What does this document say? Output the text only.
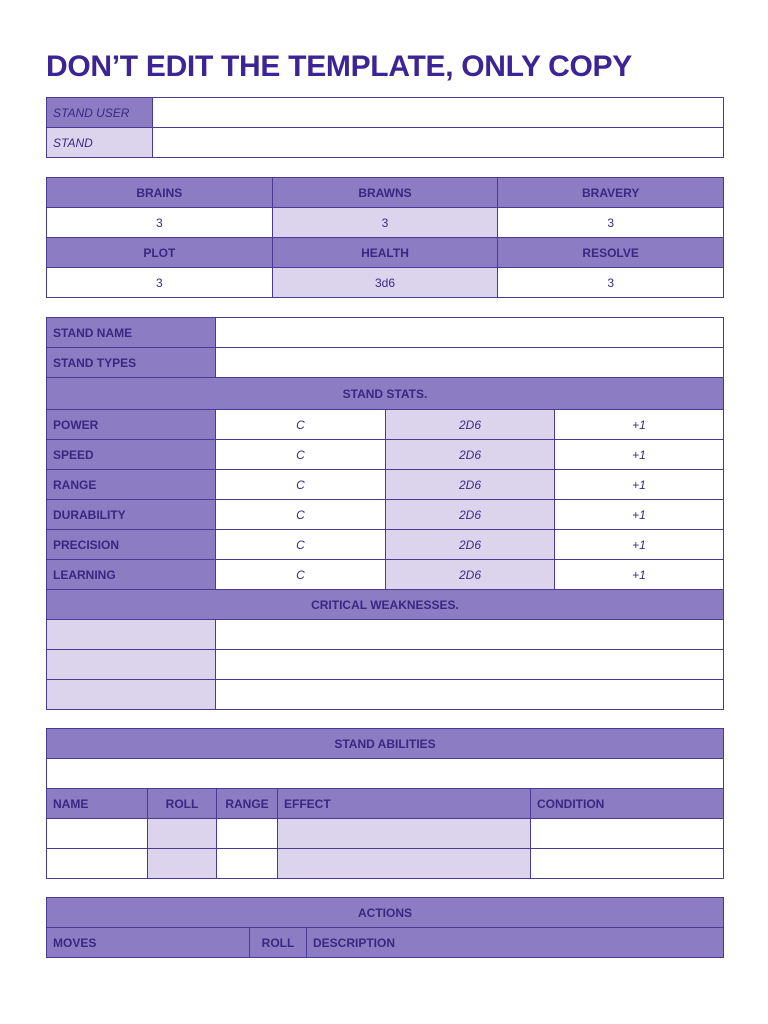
DON’T EDIT THE TEMPLATE, ONLY COPY
STAND USER	
STAND	
BRAINS	BRAWNS	BRAVERY
3	3	3
PLOT	HEALTH	RESOLVE
3	3d6	3
STAND NAME			
STAND TYPES			
STAND STATS.			
POWER	C	2D6	+1
SPEED	C	2D6	+1
RANGE	C	2D6	+1
DURABILITY	C	2D6	+1
PRECISION	C	2D6	+1
LEARNING	C	2D6	+1
CRITICAL WEAKNESSES.			

STAND ABILITIES				

NAME	ROLL	RANGE	EFFECT	CONDITION

ACTIONS
MOVES	ROLL	DESCRIPTION
